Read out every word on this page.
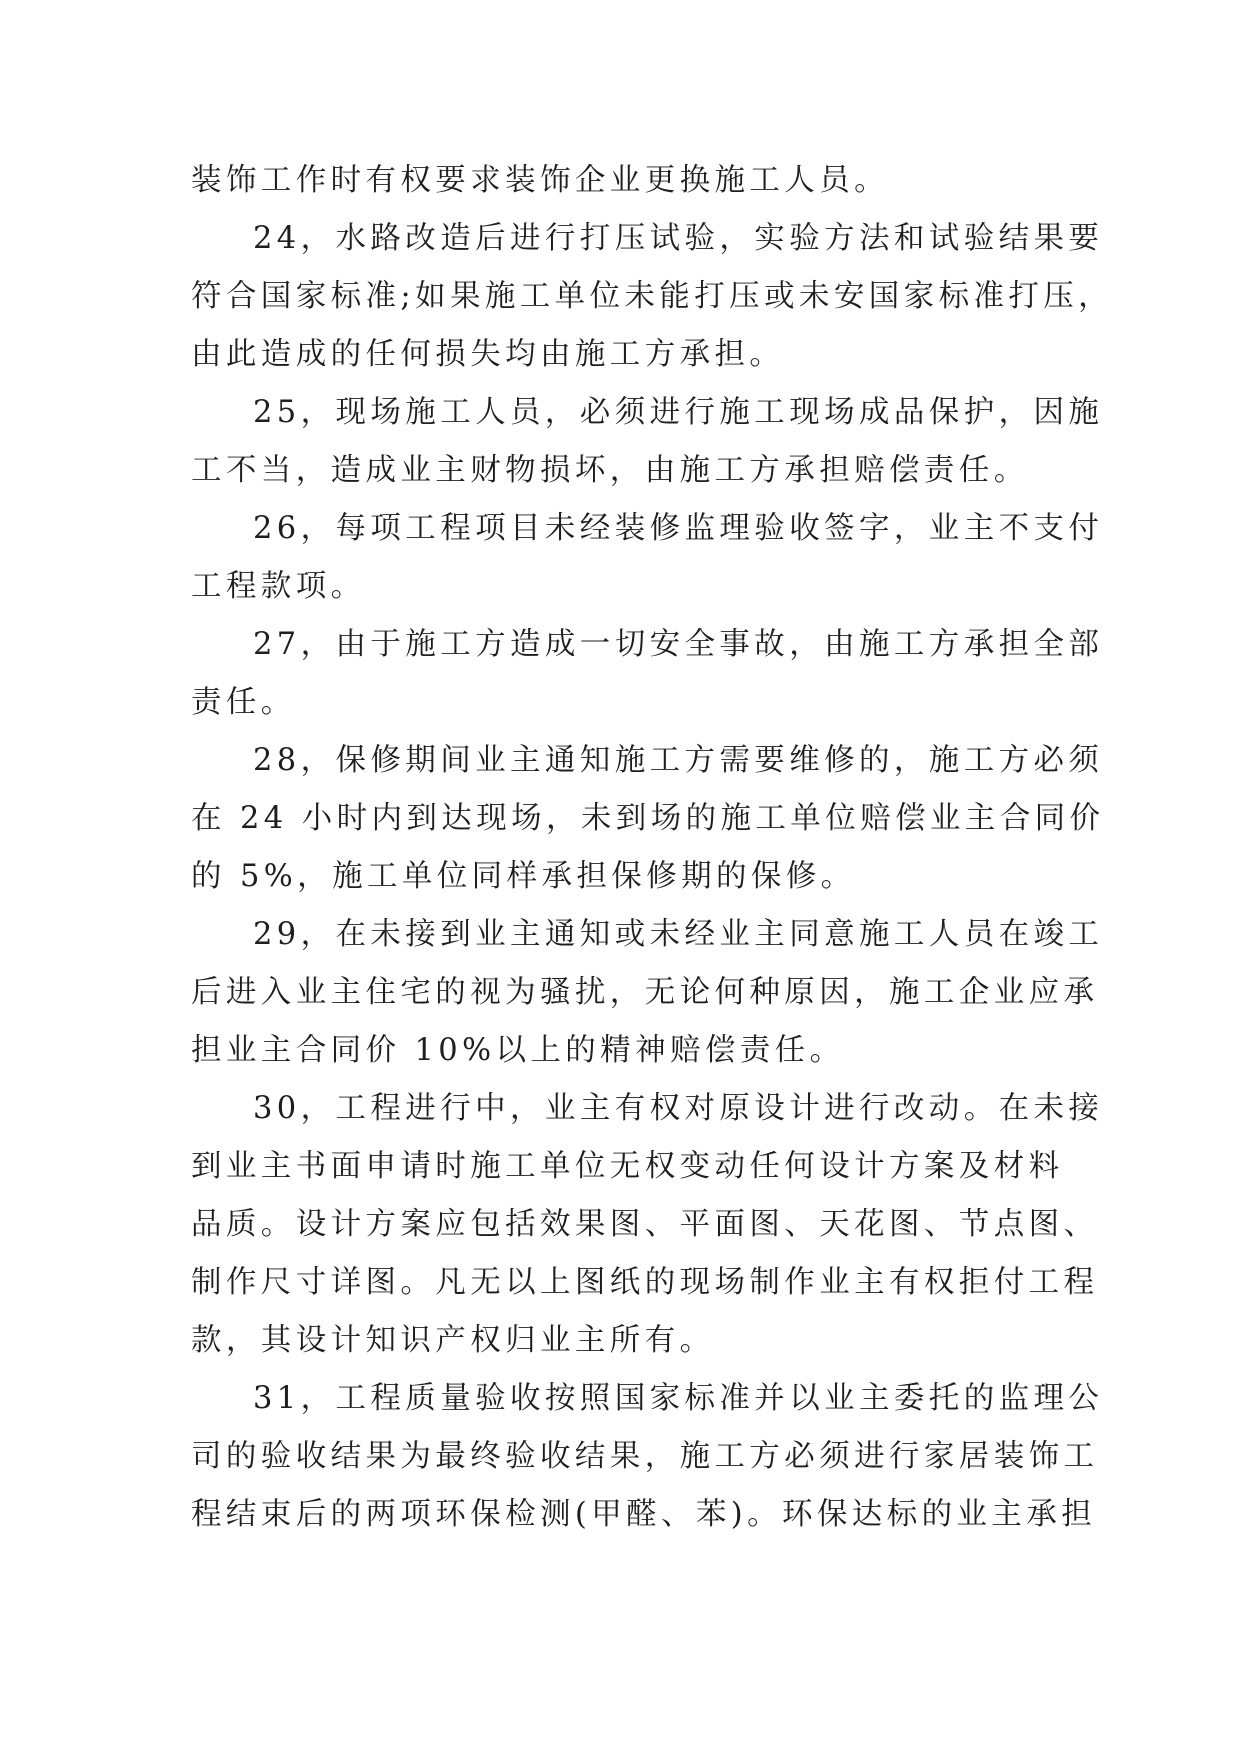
装饰工作时有权要求装饰企业更换施工人员。
24，水路改造后进行打压试验，实验方法和试验结果要
符合国家标准;如果施工单位未能打压或未安国家标准打压，
由此造成的任何损失均由施工方承担。
25，现场施工人员，必须进行施工现场成品保护，因施
工不当，造成业主财物损坏，由施工方承担赔偿责任。
26，每项工程项目未经装修监理验收签字，业主不支付
工程款项。
27，由于施工方造成一切安全事故，由施工方承担全部
责任。
28，保修期间业主通知施工方需要维修的，施工方必须
在 24 小时内到达现场，未到场的施工单位赔偿业主合同价
的 5%，施工单位同样承担保修期的保修。
29，在未接到业主通知或未经业主同意施工人员在竣工
后进入业主住宅的视为骚扰，无论何种原因，施工企业应承
担业主合同价 10%以上的精神赔偿责任。
30，工程进行中，业主有权对原设计进行改动。在未接
到业主书面申请时施工单位无权变动任何设计方案及材料
品质。设计方案应包括效果图、平面图、天花图、节点图、
制作尺寸详图。凡无以上图纸的现场制作业主有权拒付工程
款，其设计知识产权归业主所有。
31，工程质量验收按照国家标准并以业主委托的监理公
司的验收结果为最终验收结果，施工方必须进行家居装饰工
程结束后的两项环保检测(甲醛、苯)。环保达标的业主承担
